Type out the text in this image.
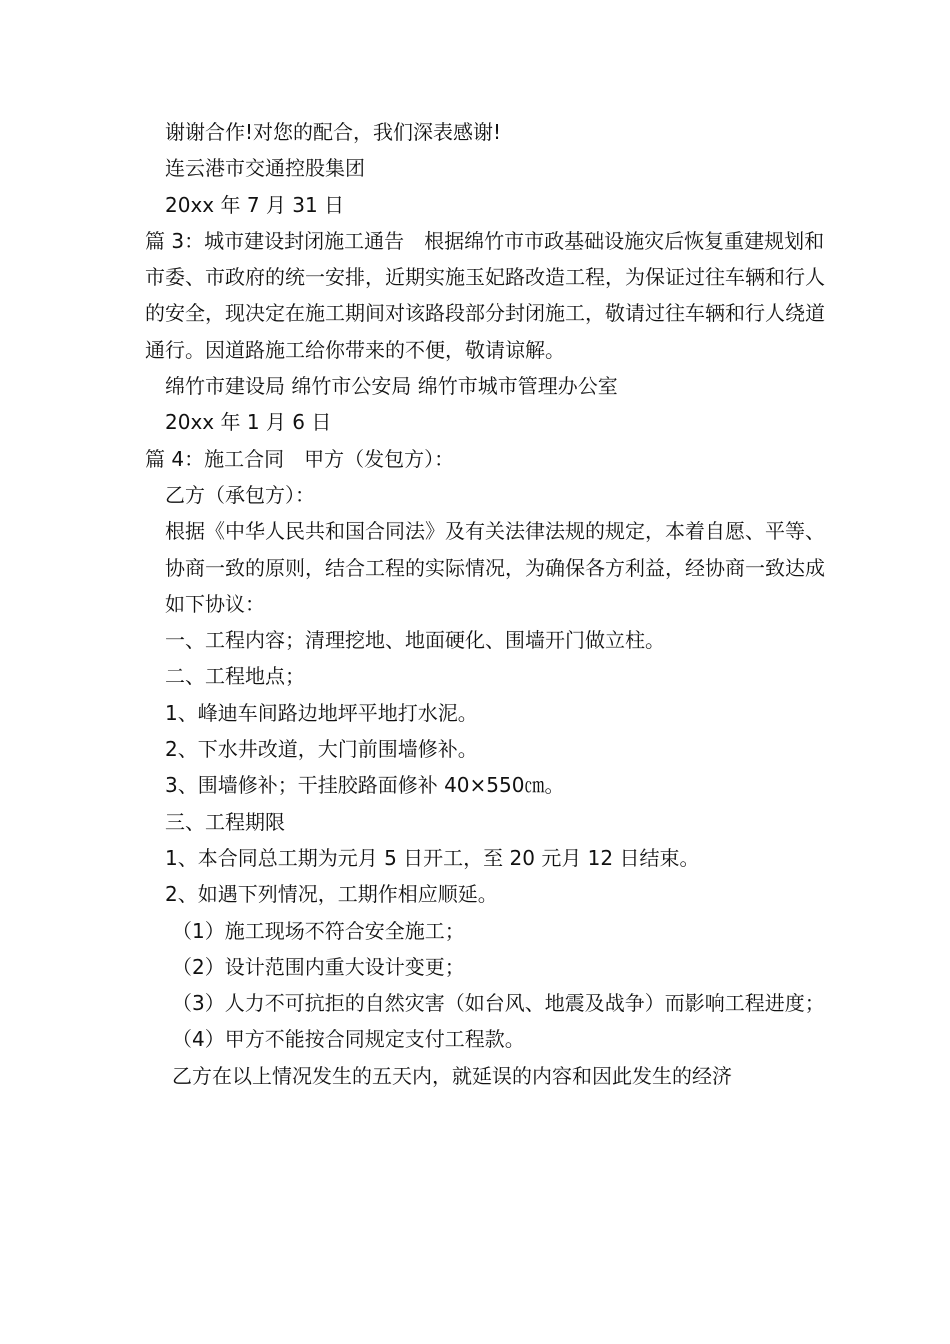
谢谢合作!对您的配合，我们深表感谢!

连云港市交通控股集团

20xx 年 7 月 31 日

篇 3：城市建设封闭施工通告　根据绵竹市市政基础设施灾后恢复重建规划和市委、市政府的统一安排，近期实施玉妃路改造工程，为保证过往车辆和行人的安全，现决定在施工期间对该路段部分封闭施工，敬请过往车辆和行人绕道通行。因道路施工给你带来的不便，敬请谅解。

绵竹市建设局 绵竹市公安局 绵竹市城市管理办公室

20xx 年 1 月 6 日

篇 4：施工合同　甲方（发包方）：

乙方（承包方）：

根据《中华人民共和国合同法》及有关法律法规的规定，本着自愿、平等、协商一致的原则，结合工程的实际情况，为确保各方利益，经协商一致达成如下协议：

一、工程内容；清理挖地、地面硬化、围墙开门做立柱。

二、工程地点；

1、峰迪车间路边地坪平地打水泥。

2、下水井改道，大门前围墙修补。

3、围墙修补；干挂胶路面修补 40×550㎝。

三、工程期限

1、本合同总工期为元月 5 日开工，至 20 元月 12 日结束。

2、如遇下列情况，工期作相应顺延。

（1）施工现场不符合安全施工；

（2）设计范围内重大设计变更；

（3）人力不可抗拒的自然灾害（如台风、地震及战争）而影响工程进度；

（4）甲方不能按合同规定支付工程款。

乙方在以上情况发生的五天内，就延误的内容和因此发生的经济
